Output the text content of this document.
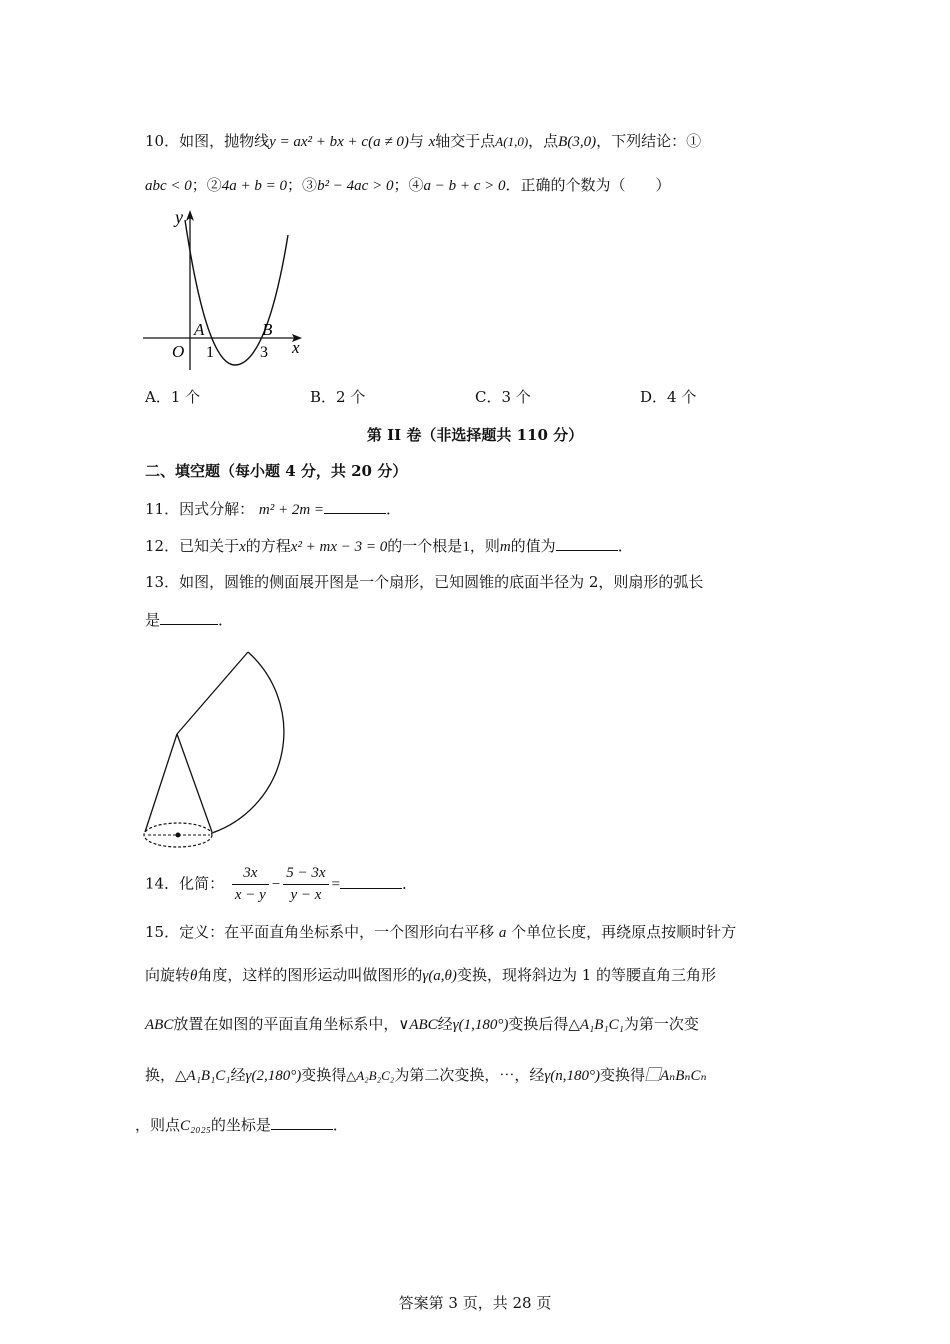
10．如图，抛物线y = ax² + bx + c(a ≠ 0)与 x轴交于点A(1,0)，点B(3,0)，下列结论：①
abc < 0；②4a + b = 0；③b² − 4ac > 0；④a − b + c > 0．正确的个数为（　　）
y
x
O
A	B
1	3
A．1 个	B．2 个	C．3 个	D．4 个
第 II 卷（非选择题共 110 分）
二、填空题（每小题 4 分，共 20 分）
11．因式分解： m² + 2m =	．
12．已知关于x的方程x² + mx − 3 = 0的一个根是1，则m的值为	．
13．如图，圆锥的侧面展开图是一个扇形，已知圆锥的底面半径为 2，则扇形的弧长
是	．
14．化简： $\frac{3x}{x - y} - \frac{5 - 3x}{y - x}$ =	．
15．定义：在平面直角坐标系中，一个图形向右平移 a 个单位长度，再绕原点按顺时针方
向旋转θ角度，这样的图形运动叫做图形的γ(a,θ)变换，现将斜边为 1 的等腰直角三角形
ABC放置在如图的平面直角坐标系中，∨ABC经γ(1,180°)变换后得△A₁B₁C₁为第一次变
换，△A₁B₁C₁经γ(2,180°)变换得△A₂B₂C₂为第二次变换，⋯，经γ(n,180°)变换得⃞AₙBₙCₙ
，则点C₂₀₂₅的坐标是	．
答案第 3 页，共 28 页
